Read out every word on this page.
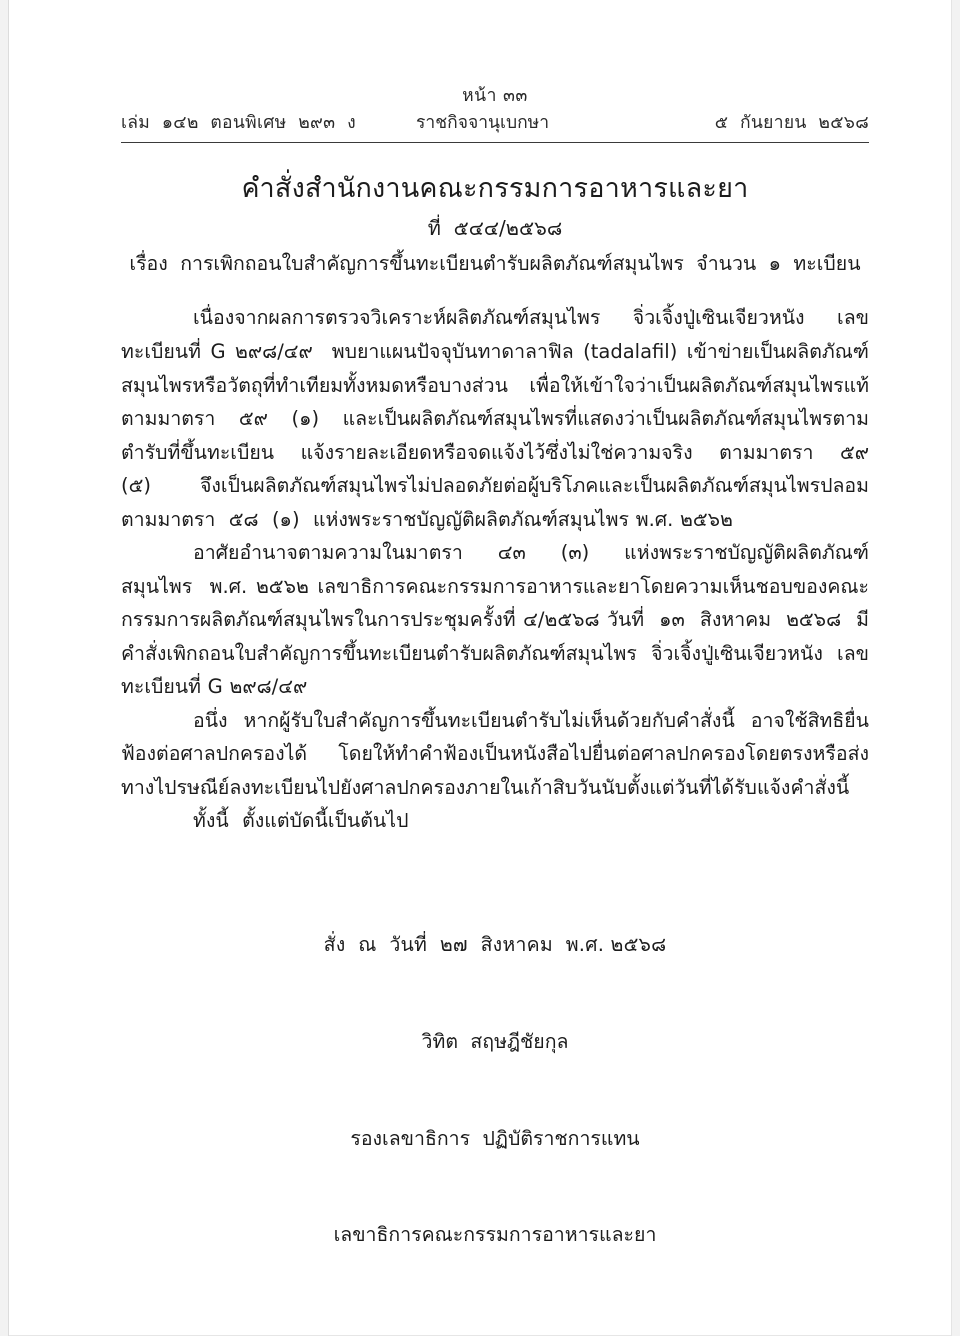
หน้า ๓๓
เล่ม  ๑๔๒  ตอนพิเศษ  ๒๙๓  ง	ราชกิจจานุเบกษา	๕  กันยายน  ๒๕๖๘
คำสั่งสำนักงานคณะกรรมการอาหารและยา
ที่  ๕๔๔/๒๕๖๘
เรื่อง  การเพิกถอนใบสำคัญการขึ้นทะเบียนตำรับผลิตภัณฑ์สมุนไพร  จำนวน  ๑  ทะเบียน

เนื่องจากผลการตรวจวิเคราะห์ผลิตภัณฑ์สมุนไพร  จิ่วเจิ้งปู่เซินเจียวหนัง  เลขทะเบียนที่ G ๒๙๘/๔๙  พบยาแผนปัจจุบันทาดาลาฟิล (tadalafil) เข้าข่ายเป็นผลิตภัณฑ์สมุนไพรหรือวัตถุที่ทำเทียมทั้งหมดหรือบางส่วน  เพื่อให้เข้าใจว่าเป็นผลิตภัณฑ์สมุนไพรแท้  ตามมาตรา  ๕๙  (๑)  และเป็นผลิตภัณฑ์สมุนไพรที่แสดงว่าเป็นผลิตภัณฑ์สมุนไพรตามตำรับที่ขึ้นทะเบียน  แจ้งรายละเอียดหรือจดแจ้งไว้ซึ่งไม่ใช่ความจริง  ตามมาตรา  ๕๙  (๕)  จึงเป็นผลิตภัณฑ์สมุนไพรไม่ปลอดภัยต่อผู้บริโภคและเป็นผลิตภัณฑ์สมุนไพรปลอม  ตามมาตรา  ๕๘  (๑)  แห่งพระราชบัญญัติผลิตภัณฑ์สมุนไพร พ.ศ. ๒๕๖๒

อาศัยอำนาจตามความในมาตรา  ๔๓  (๓)  แห่งพระราชบัญญัติผลิตภัณฑ์สมุนไพร  พ.ศ. ๒๕๖๒ เลขาธิการคณะกรรมการอาหารและยาโดยความเห็นชอบของคณะกรรมการผลิตภัณฑ์สมุนไพรในการประชุมครั้งที่ ๔/๒๕๖๘ วันที่  ๑๓  สิงหาคม  ๒๕๖๘  มีคำสั่งเพิกถอนใบสำคัญการขึ้นทะเบียนตำรับผลิตภัณฑ์สมุนไพร  จิ่วเจิ้งปู่เซินเจียวหนัง  เลขทะเบียนที่ G ๒๙๘/๔๙

อนึ่ง  หากผู้รับใบสำคัญการขึ้นทะเบียนตำรับไม่เห็นด้วยกับคำสั่งนี้  อาจใช้สิทธิยื่นฟ้องต่อศาลปกครองได้ โดยให้ทำคำฟ้องเป็นหนังสือไปยื่นต่อศาลปกครองโดยตรงหรือส่งทางไปรษณีย์ลงทะเบียนไปยังศาลปกครองภายในเก้าสิบวันนับตั้งแต่วันที่ได้รับแจ้งคำสั่งนี้

ทั้งนี้  ตั้งแต่บัดนี้เป็นต้นไป

สั่ง  ณ  วันที่  ๒๗  สิงหาคม  พ.ศ. ๒๕๖๘

วิทิต  สฤษฎีชัยกุล

รองเลขาธิการ  ปฏิบัติราชการแทน

เลขาธิการคณะกรรมการอาหารและยา
